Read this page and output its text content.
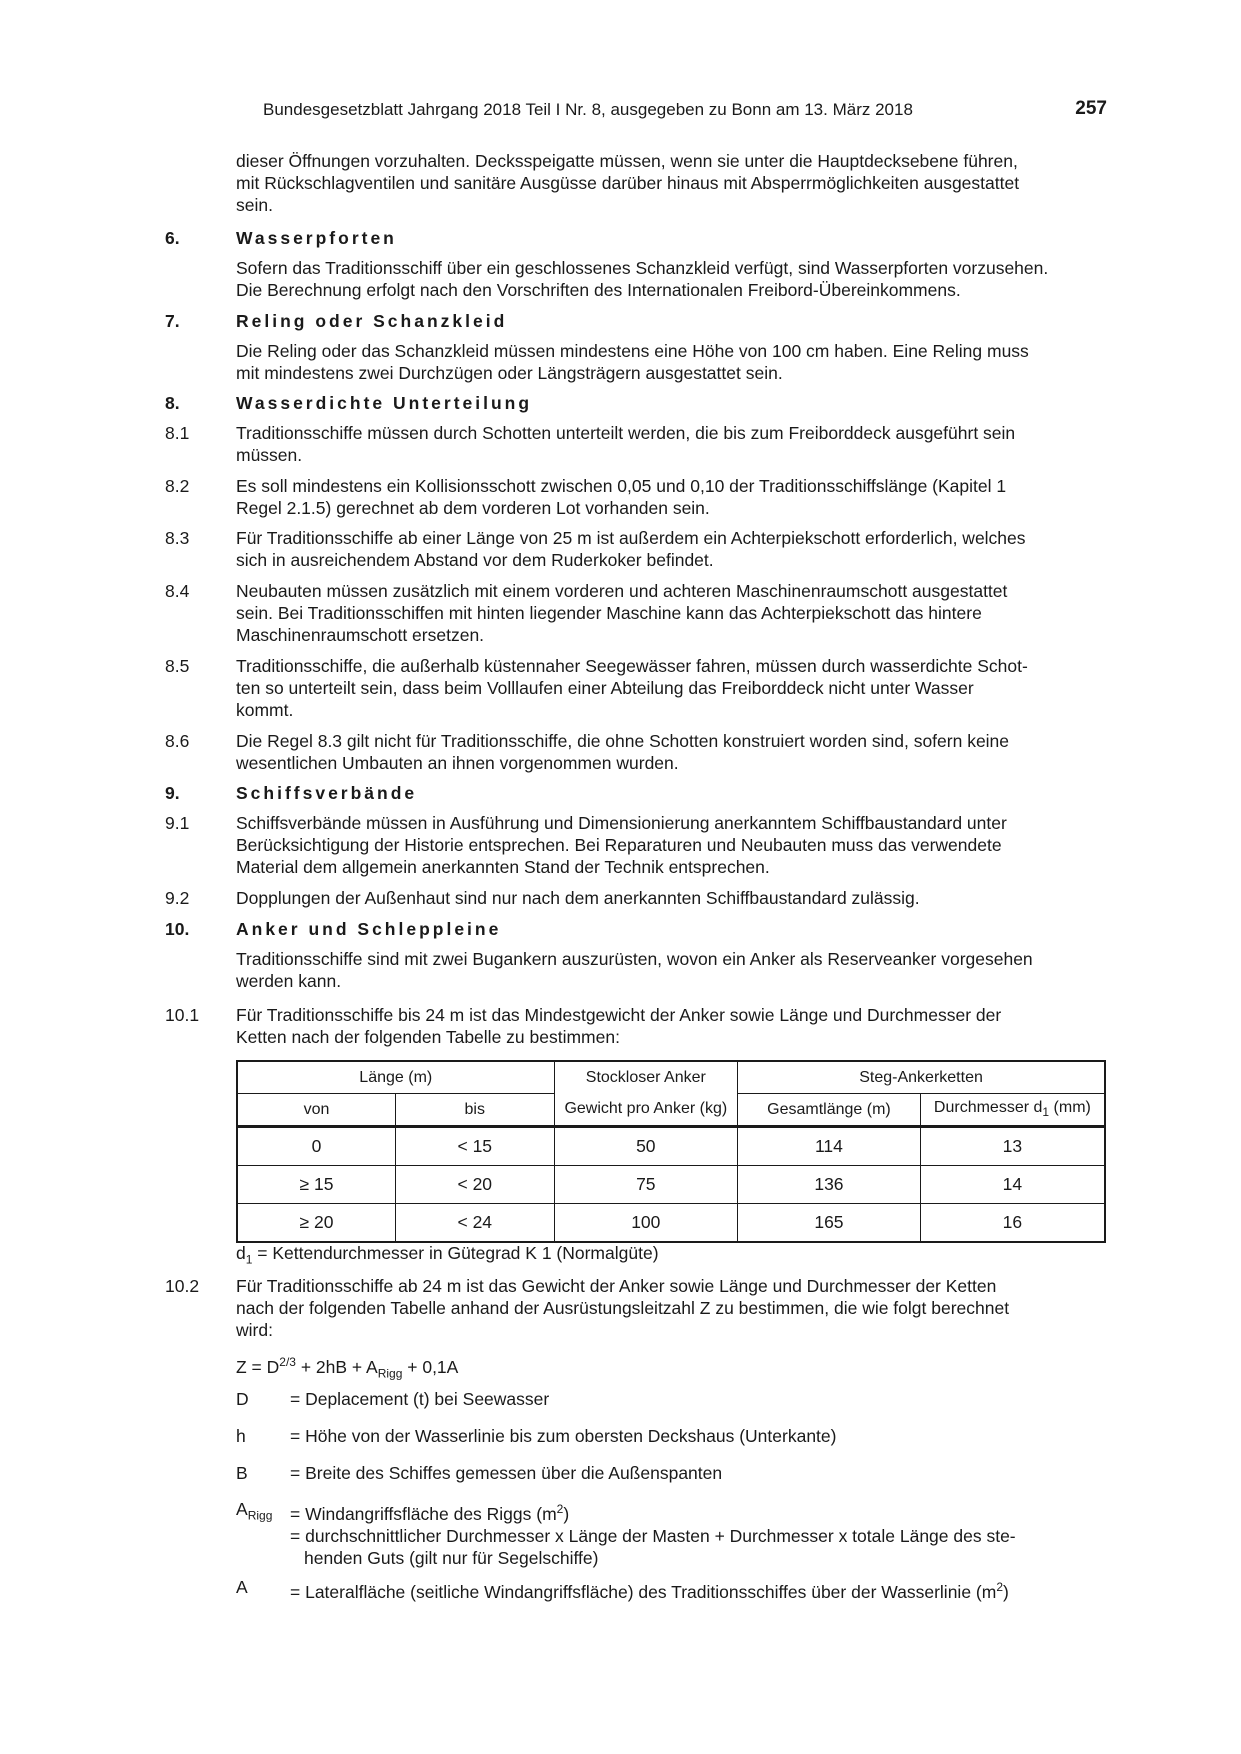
Bundesgesetzblatt Jahrgang 2018 Teil I Nr. 8, ausgegeben zu Bonn am 13. März 2018	257
dieser Öffnungen vorzuhalten. Decksspeigatte müssen, wenn sie unter die Hauptdecksebene führen,
mit Rückschlagventilen und sanitäre Ausgüsse darüber hinaus mit Absperrmöglichkeiten ausgestattet
sein.
6.	Wasserpforten
Sofern das Traditionsschiff über ein geschlossenes Schanzkleid verfügt, sind Wasserpforten vorzusehen.
Die Berechnung erfolgt nach den Vorschriften des Internationalen Freibord-Übereinkommens.
7.	Reling oder Schanzkleid
Die Reling oder das Schanzkleid müssen mindestens eine Höhe von 100 cm haben. Eine Reling muss
mit mindestens zwei Durchzügen oder Längsträgern ausgestattet sein.
8.	Wasserdichte Unterteilung
8.1	Traditionsschiffe müssen durch Schotten unterteilt werden, die bis zum Freiborddeck ausgeführt sein
müssen.
8.2	Es soll mindestens ein Kollisionsschott zwischen 0,05 und 0,10 der Traditionsschiffslänge (Kapitel 1
Regel 2.1.5) gerechnet ab dem vorderen Lot vorhanden sein.
8.3	Für Traditionsschiffe ab einer Länge von 25 m ist außerdem ein Achterpiekschott erforderlich, welches
sich in ausreichendem Abstand vor dem Ruderkoker befindet.
8.4	Neubauten müssen zusätzlich mit einem vorderen und achteren Maschinenraumschott ausgestattet
sein. Bei Traditionsschiffen mit hinten liegender Maschine kann das Achterpiekschott das hintere
Maschinenraumschott ersetzen.
8.5	Traditionsschiffe, die außerhalb küstennaher Seegewässer fahren, müssen durch wasserdichte Schot-
ten so unterteilt sein, dass beim Volllaufen einer Abteilung das Freiborddeck nicht unter Wasser
kommt.
8.6	Die Regel 8.3 gilt nicht für Traditionsschiffe, die ohne Schotten konstruiert worden sind, sofern keine
wesentlichen Umbauten an ihnen vorgenommen wurden.
9.	Schiffsverbände
9.1	Schiffsverbände müssen in Ausführung und Dimensionierung anerkanntem Schiffbaustandard unter
Berücksichtigung der Historie entsprechen. Bei Reparaturen und Neubauten muss das verwendete
Material dem allgemein anerkannten Stand der Technik entsprechen.
9.2	Dopplungen der Außenhaut sind nur nach dem anerkannten Schiffbaustandard zulässig.
10.	Anker und Schleppleine
Traditionsschiffe sind mit zwei Bugankern auszurüsten, wovon ein Anker als Reserveanker vorgesehen
werden kann.
10.1 Für Traditionsschiffe bis 24 m ist das Mindestgewicht der Anker sowie Länge und Durchmesser der
Ketten nach der folgenden Tabelle zu bestimmen:
Länge (m)		Stockloser Anker	Steg-Ankerketten	
von	bis	Gewicht pro Anker (kg)	Gesamtlänge (m)	Durchmesser $d_1$ (mm)
0	< 15	50	114	13
≥ 15	< 20	75	136	14
≥ 20	< 24	100	165	16
$d_1$ = Kettendurchmesser in Gütegrad K 1 (Normalgüte)
10.2 Für Traditionsschiffe ab 24 m ist das Gewicht der Anker sowie Länge und Durchmesser der Ketten
nach der folgenden Tabelle anhand der Ausrüstungsleitzahl Z zu bestimmen, die wie folgt berechnet
wird:
$Z = D^{2/3} + 2hB + A_{Rigg} + 0,1A$
D = Deplacement (t) bei Seewasser
h	= Höhe von der Wasserlinie bis zum obersten Deckshaus (Unterkante)
B = Breite des Schiffes gemessen über die Außenspanten
$A_{Rigg}$ = Windangriffsfläche des Riggs $(m^2)$
= durchschnittlicher Durchmesser x Länge der Masten + Durchmesser x totale Länge des ste-
henden Guts (gilt nur für Segelschiffe)
A = Lateralfläche (seitliche Windangriffsfläche) des Traditionsschiffes über der Wasserlinie $(m^2)$
